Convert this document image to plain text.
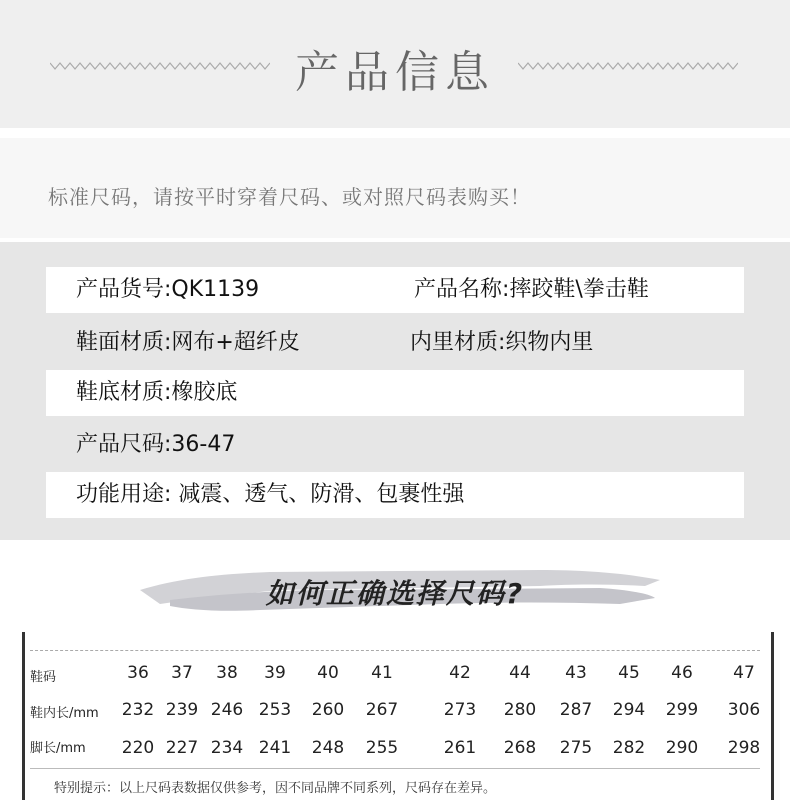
产品信息
标准尺码，请按平时穿着尺码、或对照尺码表购买！
产品货号:QK1139	产品名称:摔跤鞋\拳击鞋
鞋面材质:网布+超纤皮	内里材质:织物内里
鞋底材质:橡胶底
产品尺码:36-47
功能用途: 减震、透气、防滑、包裹性强
如何正确选择尺码?
鞋码	36	37	38	39	40	41	42	44	43	45	46	47
鞋内长/mm	232 239 246 253	260	267	273	280	287	294	299	306
脚长/mm	220 227 234 241	248	255	261	268	275	282	290	298
特别提示：以上尺码表数据仅供参考，因不同品牌不同系列，尺码存在差异。
